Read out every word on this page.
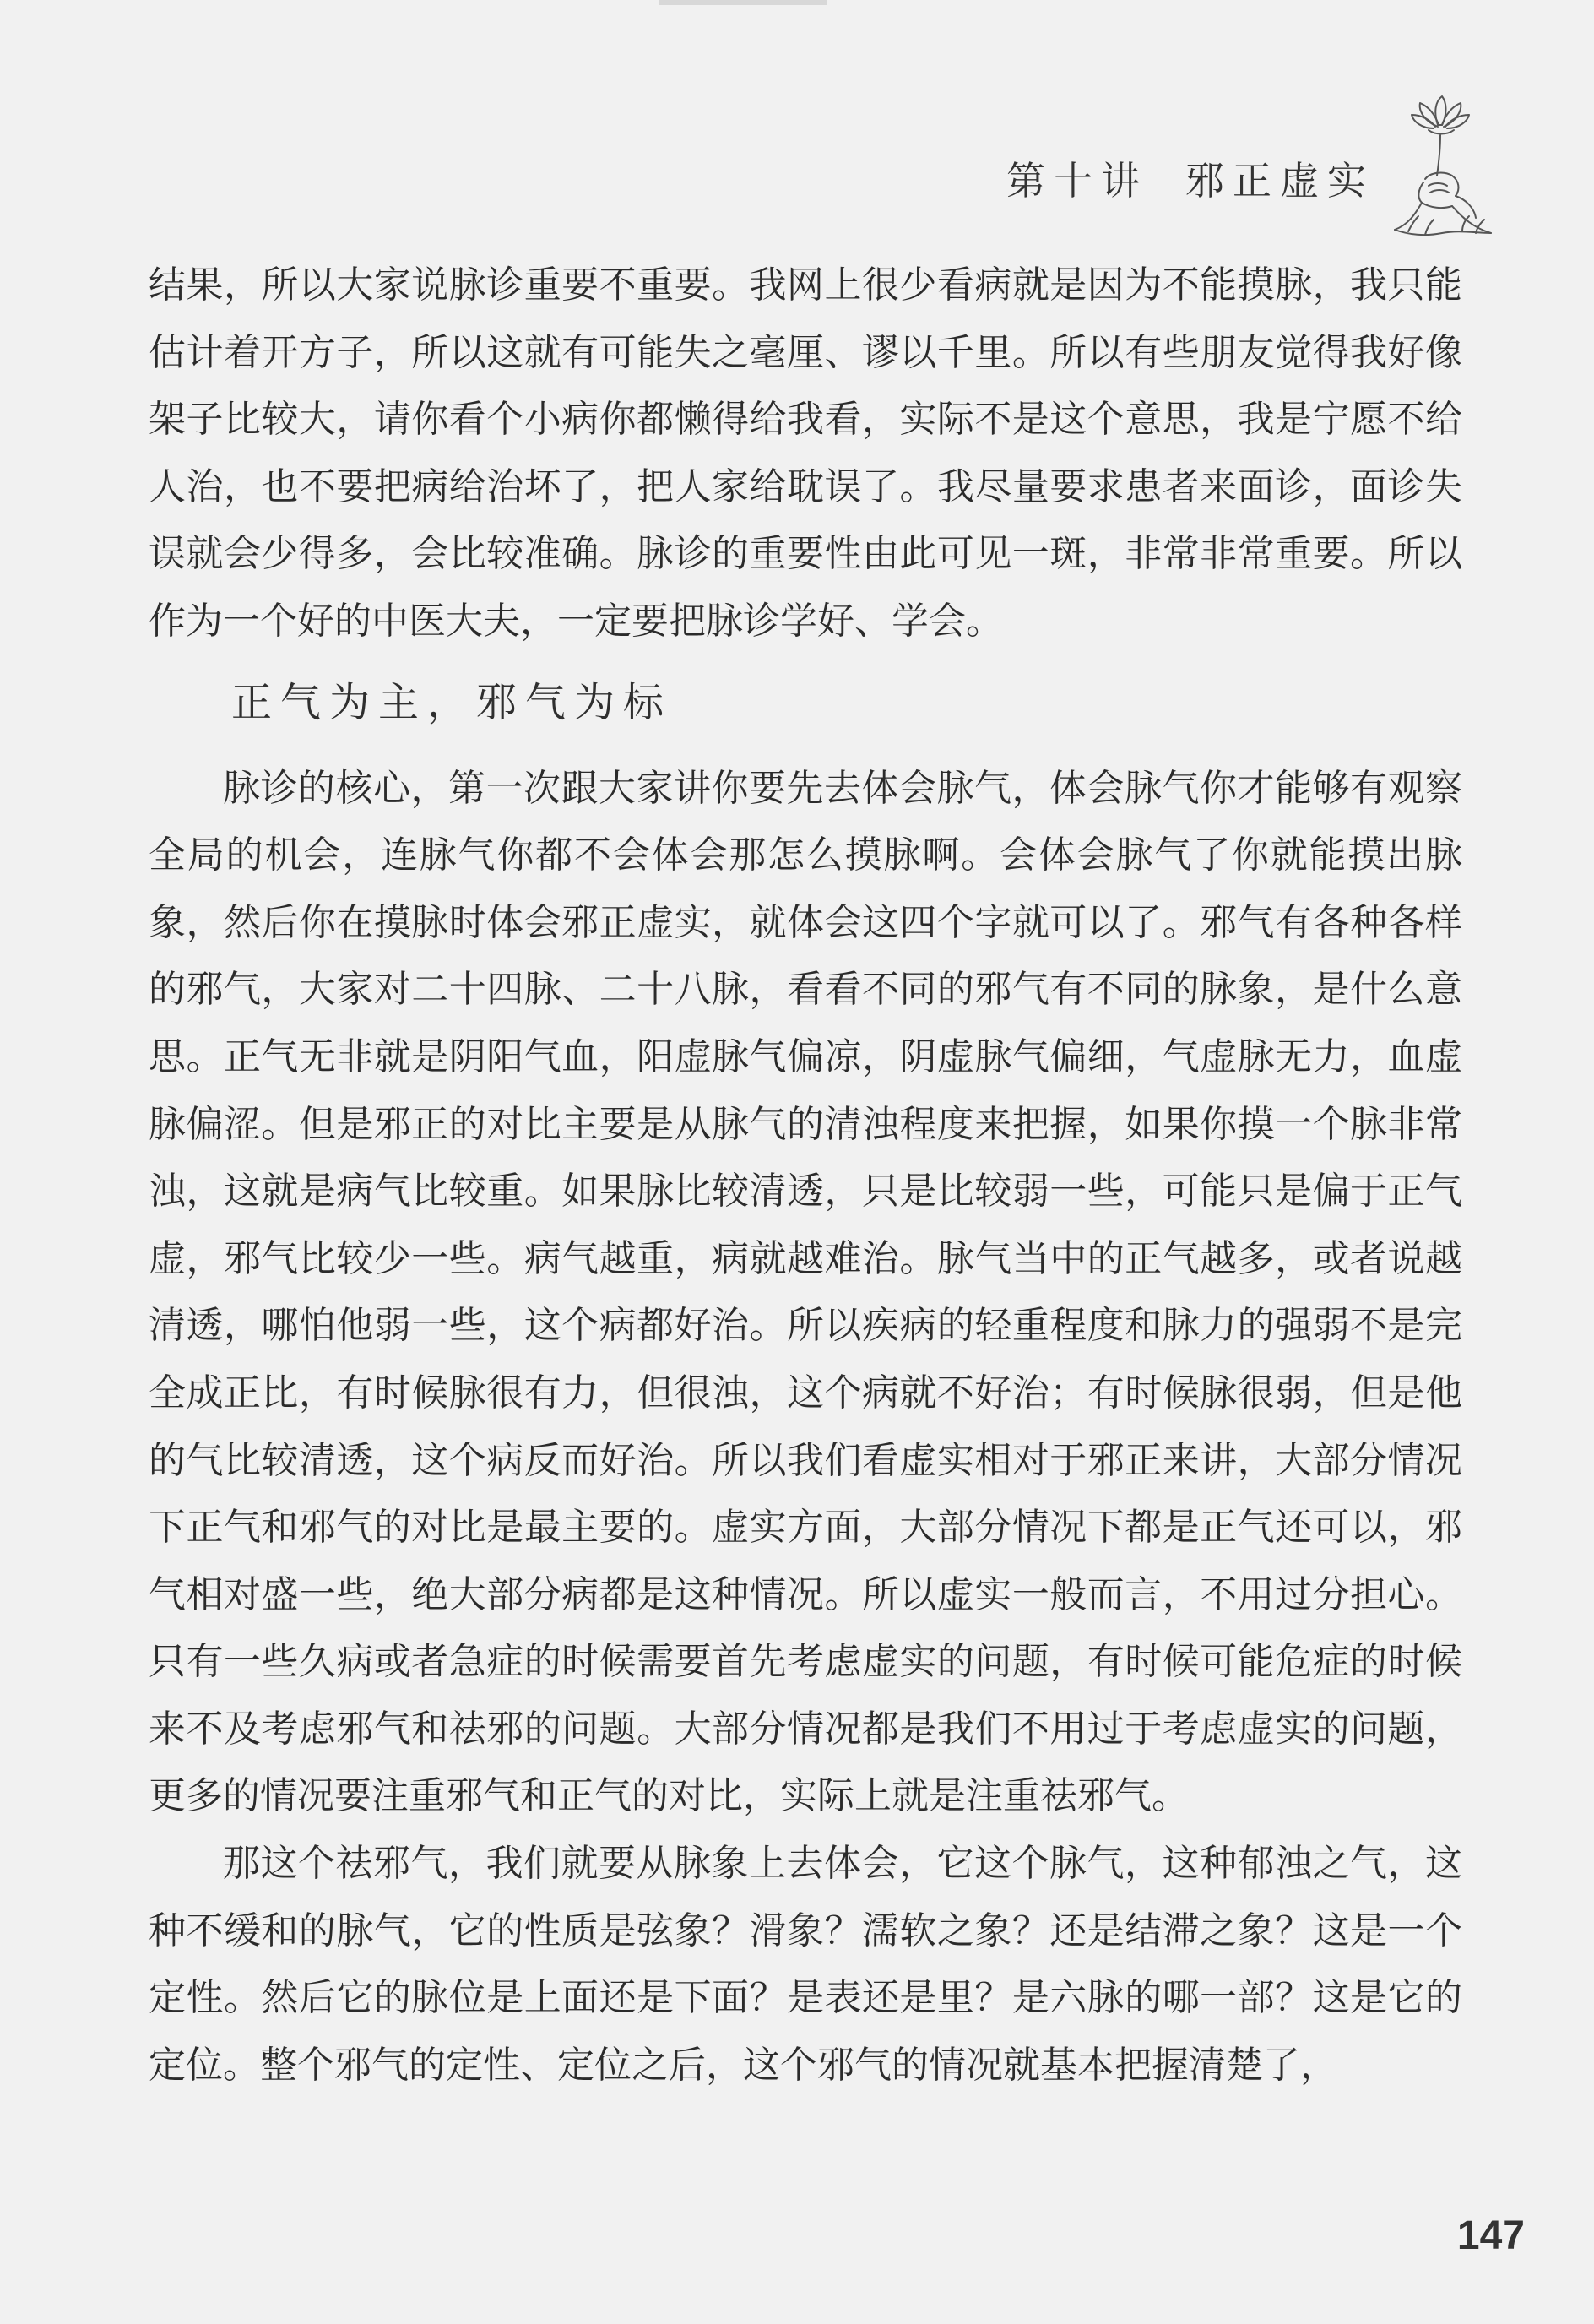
第十讲 邪正虚实

结果，所以大家说脉诊重要不重要。我网上很少看病就是因为不能摸脉，我只能估计着开方子，所以这就有可能失之毫厘、谬以千里。所以有些朋友觉得我好像架子比较大，请你看个小病你都懒得给我看，实际不是这个意思，我是宁愿不给人治，也不要把病给治坏了，把人家给耽误了。我尽量要求患者来面诊，面诊失误就会少得多，会比较准确。脉诊的重要性由此可见一斑，非常非常重要。所以作为一个好的中医大夫，一定要把脉诊学好、学会。

正气为主，邪气为标

脉诊的核心，第一次跟大家讲你要先去体会脉气，体会脉气你才能够有观察全局的机会，连脉气你都不会体会那怎么摸脉啊。会体会脉气了你就能摸出脉象，然后你在摸脉时体会邪正虚实，就体会这四个字就可以了。邪气有各种各样的邪气，大家对二十四脉、二十八脉，看看不同的邪气有不同的脉象，是什么意思。正气无非就是阴阳气血，阳虚脉气偏凉，阴虚脉气偏细，气虚脉无力，血虚脉偏涩。但是邪正的对比主要是从脉气的清浊程度来把握，如果你摸一个脉非常浊，这就是病气比较重。如果脉比较清透，只是比较弱一些，可能只是偏于正气虚，邪气比较少一些。病气越重，病就越难治。脉气当中的正气越多，或者说越清透，哪怕他弱一些，这个病都好治。所以疾病的轻重程度和脉力的强弱不是完全成正比，有时候脉很有力，但很浊，这个病就不好治；有时候脉很弱，但是他的气比较清透，这个病反而好治。所以我们看虚实相对于邪正来讲，大部分情况下正气和邪气的对比是最主要的。虚实方面，大部分情况下都是正气还可以，邪气相对盛一些，绝大部分病都是这种情况。所以虚实一般而言，不用过分担心。只有一些久病或者急症的时候需要首先考虑虚实的问题，有时候可能危症的时候来不及考虑邪气和祛邪的问题。大部分情况都是我们不用过于考虑虚实的问题，更多的情况要注重邪气和正气的对比，实际上就是注重祛邪气。

那这个祛邪气，我们就要从脉象上去体会，它这个脉气，这种郁浊之气，这种不缓和的脉气，它的性质是弦象？滑象？濡软之象？还是结滞之象？这是一个定性。然后它的脉位是上面还是下面？是表还是里？是六脉的哪一部？这是它的定位。整个邪气的定性、定位之后，这个邪气的情况就基本把握清楚了，

147
